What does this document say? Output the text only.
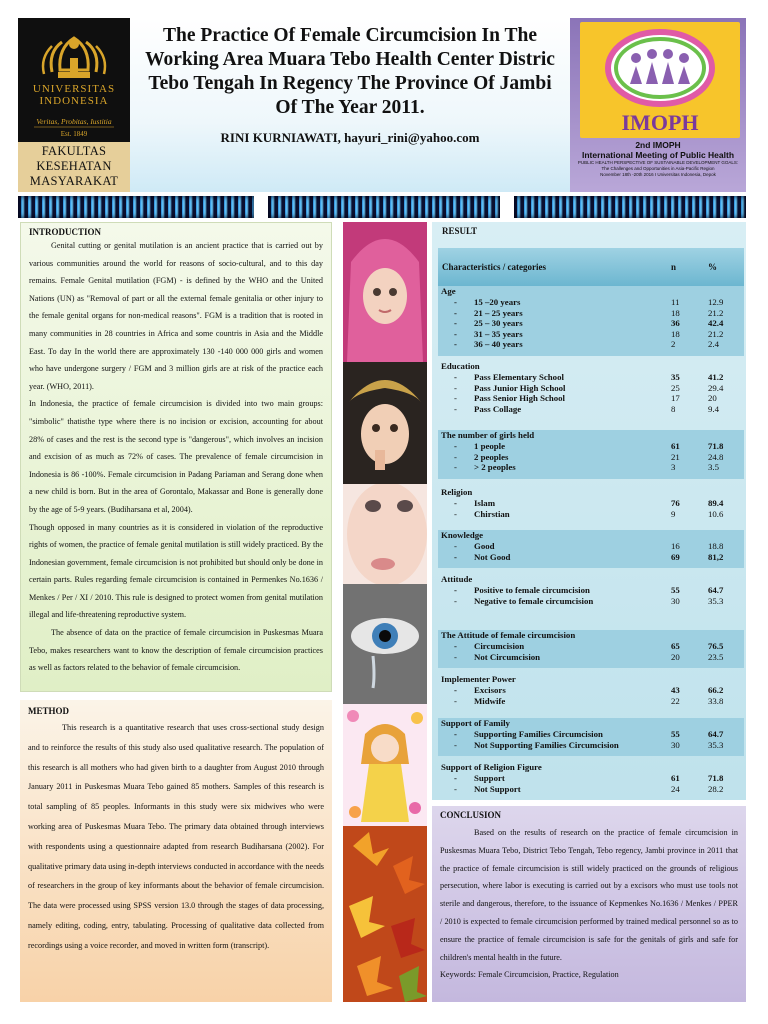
UNIVERSITAS
INDONESIA
Veritas, Probitas, Iustitia
Est. 1849
FAKULTAS
KESEHATAN
MASYARAKAT
The Practice Of Female Circumcision In The Working Area Muara Tebo Health Center Distric Tebo Tengah In Regency The Province Of Jambi Of The Year 2011.
RINI KURNIAWATI, hayuri_rini@yahoo.com
IMOPH
2nd IMOPH
International Meeting of Public Health
PUBLIC HEALTH PERSPECTIVE OF SUSTAINABLE DEVELOPMENT GOALS:
The Challenges and Opportunities in Asia-Pacific Region
November 18th -20th 2016 I Universitas Indonesia, Depok
INTRODUCTION

Genital cutting or genital mutilation is an ancient practice that is carried out by various communities around the world for reasons of socio-cultural, and to this day remains. Female Genital mutilation (FGM) - is defined by the WHO and the United Nations (UN) as "Removal of part or all the external female genitalia or other injury to the female genital organs for non-medical reasons". FGM is a tradition that is rooted in many communities in 28 countries in Africa and some countris in Asia and the Middle East. To day In the world there are approximately 130 -140 000 000 girls and women who have undergone surgery / FGM and 3 million girls are at risk of the practice each year. (WHO, 2011).

In Indonesia, the practice of female circumcision is divided into two main groups: "simbolic" thatisthe type where there is no incision or excision, accounting for about 28% of cases and the rest is the second type is "dangerous", which involves an incision and excision of as much as 72% of cases. The prevalence of female circumcision in Indonesia is 86 -100%. Female circumcision in Padang Pariaman and Serang done when a new child is born. But in the area of Gorontalo, Makassar and Bone is generally done by the age of 5-9 years. (Budiharsana et al, 2004).

Though opposed in many countries as it is considered in violation of the reproductive rights of women, the practice of female genital mutilation is still widely practiced. By the Indonesian government, female circumcision is not prohibited but should only be done in certain parts. Rules regarding female circumcision is contained in Permenkes No.1636 / Menkes / Per / XI / 2010. This rule is designed to protect women from genital mutilation illegal and life-threatening reproductive system.

The absence of data on the practice of female circumcision in Puskesmas Muara Tebo, makes researchers want to know the description of female circumcision practices as well as factors related to the behavior of female circumcision.

METHOD

This research is a quantitative research that uses cross-sectional study design and to reinforce the results of this study also used qualitative research. The population of this research is all mothers who had given birth to a daughter from August 2010 through January 2011 in Puskesmas Muara Tebo gained 85 mothers. Samples of this research is total sampling of 85 peoples. Informants in this study were six midwives who were working area of Puskesmas Muara Tebo. The primary data obtained through interviews with respondents using a questionnaire adapted from research Budiharsana (2002). For qualitative primary data using in-depth interviews conducted in accordance with the needs of researchers in the group of key informants about the behavior of female circumcision. The data were processed using SPSS version 13.0 through the stages of data processing, namely editing, coding, entry, tabulating. Processing of qualitative data collected from recordings using a voice recorder, and moved in written form (transcript).

RESULT
Characteristics / categories	n	%
Age
- 15 –20 years	11	12.9
- 21 – 25 years	18	21.2
- 25 – 30 years	36	42.4
- 31 – 35 years	18	21.2
- 36 – 40 years	2	2.4
Education
- Pass Elementary School	35	41.2
- Pass Junior High School	25	29.4
- Pass Senior High School	17	20
- Pass Collage	8	9.4
The number of girls held
- 1 people	61	71.8
- 2 peoples	21	24.8
- > 2 peoples	3	3.5
Religion
- Islam	76	89.4
- Chirstian	9	10.6
Knowledge
- Good	16	18.8
- Not Good	69	81,2
Attitude
- Positive to female circumcision	55	64.7
- Negative to female circumcision	30	35.3
The Attitude of female circumcision
- Circumcision	65	76.5
- Not Circumcision	20	23.5
Implementer Power
- Excisors	43	66.2
- Midwife	22	33.8
Support of Family
- Supporting Families Circumcision	55	64.7
- Not Supporting Families Circumcision	30	35.3
Support of Religion Figure
- Support	61	71.8
- Not Support	24	28.2
CONCLUSION

Based on the results of research on the practice of female circumcision in Puskesmas Muara Tebo, District Tebo Tengah, Tebo regency, Jambi province in 2011 that the practice of female circumcision is still widely practiced on the grounds of religious persecution, where labor is executing is carried out by a excisors who must use tools not sterile and dangerous, therefore, to the issuance of Kepmenkes No.1636 / Menkes / PPER / 2010 is expected to female circumcision performed by trained medical personnel so as to ensure the practice of female circumcision is safe for the genitals of girls and safe for children's mental health in the future.

Keywords: Female Circumcision, Practice, Regulation
